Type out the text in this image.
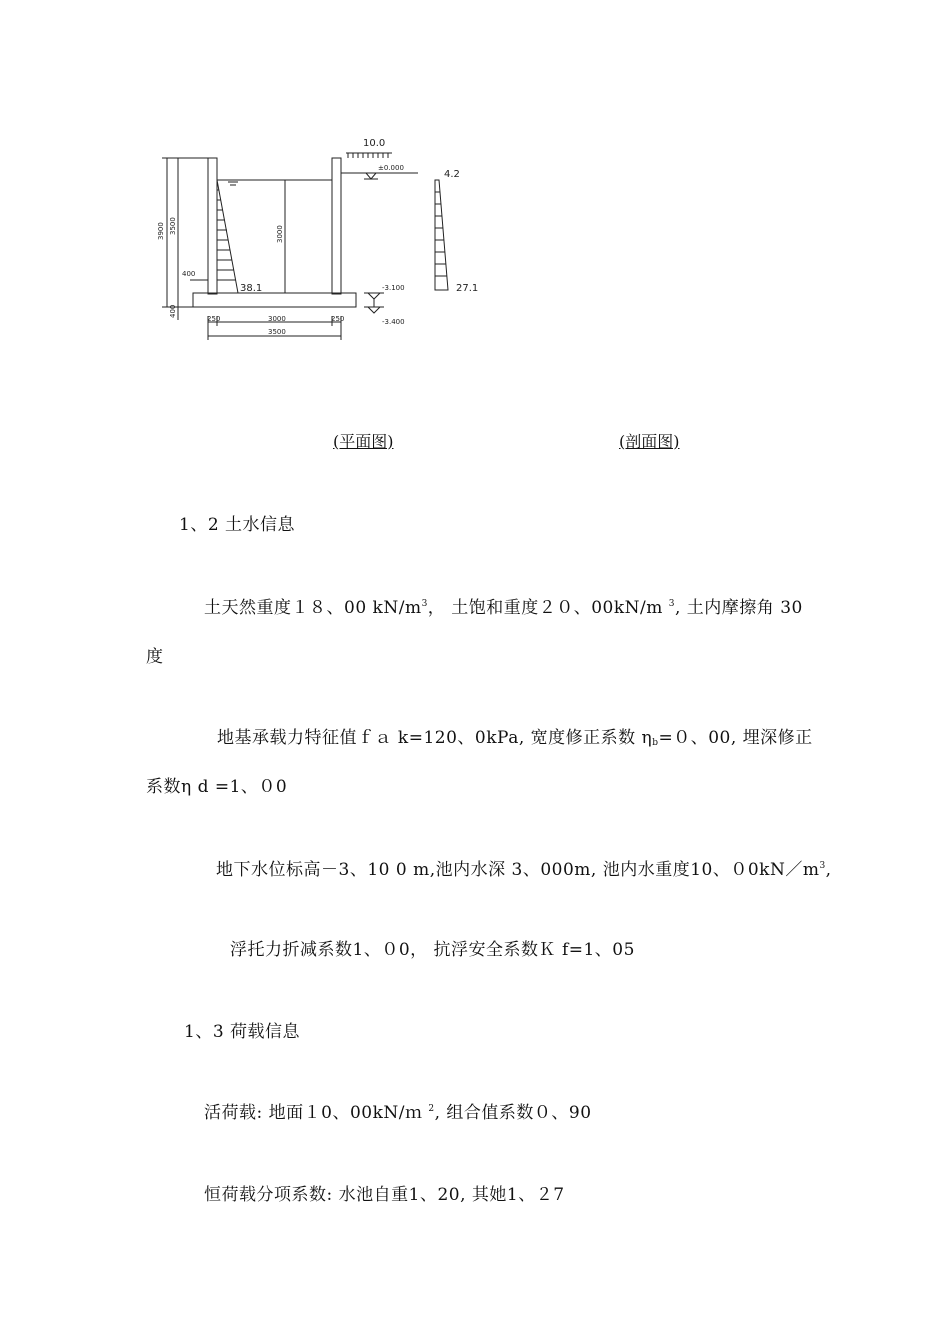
3900 3500	3000
400
400
250	3000	250
3500
±0.000
-3.100
-3.400
10.0
4.2
27.1
38.1
(平面图)	(剖面图)
1、2 土水信息
土天然重度１８、00 $kN/m^3$， 土饱和重度２０、00kN/m $^3$, 土内摩擦角 30
度
地基承载力特征值ｆａ k=120、0kPa, 宽度修正系数 $\eta_b=0$、00, 埋深修正
系数η d =1、０0
地下水位标高－3、10 0 m,池内水深 3、000m, 池内水重度10、$00kN/m^3$,
浮托力折减系数1、０0， 抗浮安全系数Ｋ f=1、05
1、3 荷载信息
活荷载: 地面１0、00kN/ｍ $^2$, 组合值系数０、90
恒荷载分项系数: 水池自重1、20, 其她1、２7
